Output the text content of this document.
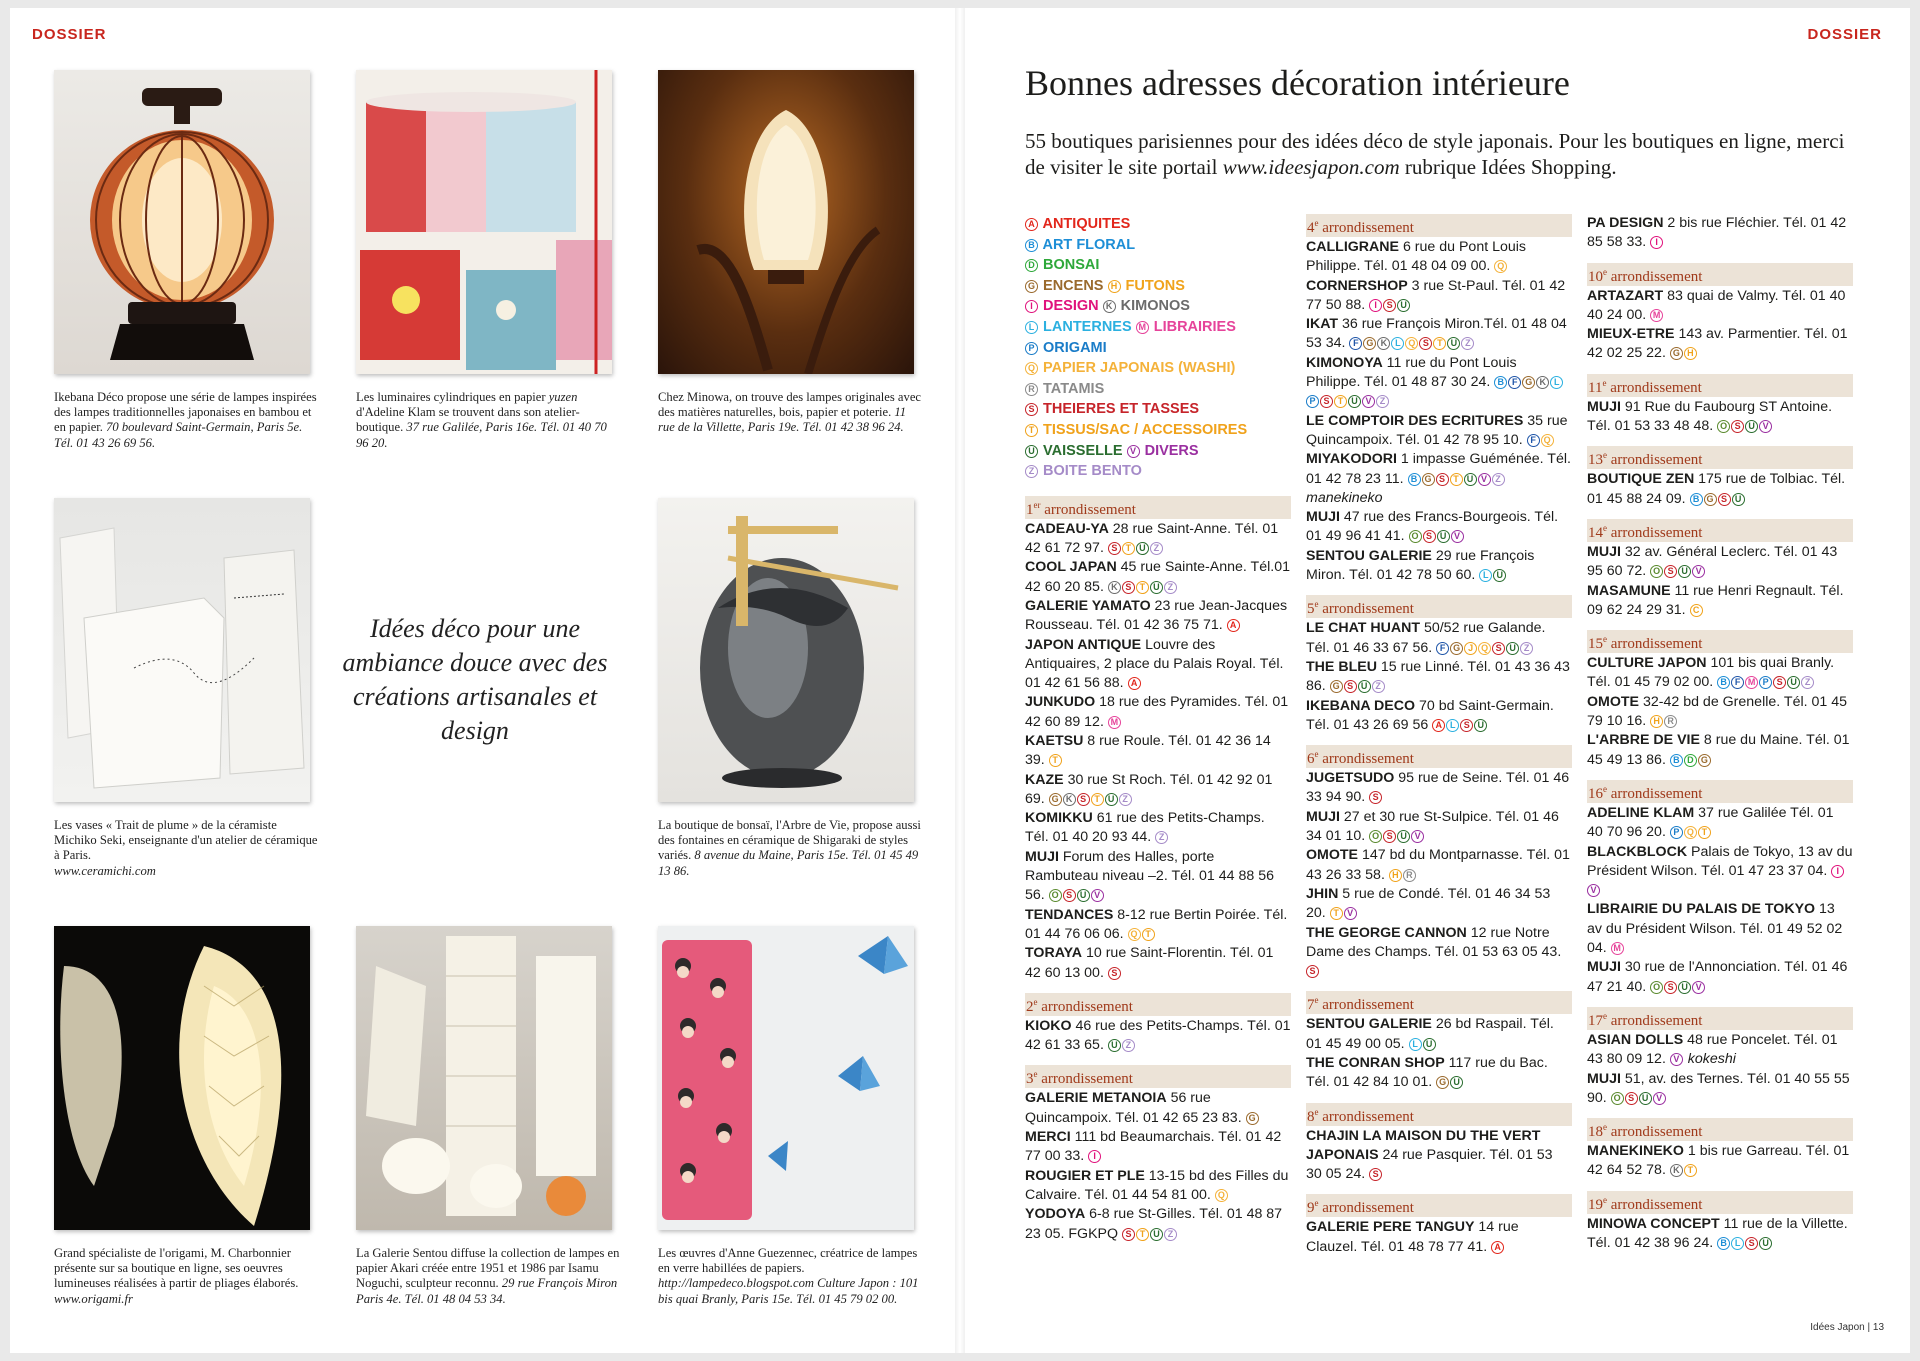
DOSSIER	DOSSIER
Ikebana Déco propose une série de lampes inspirées des lampes traditionnelles japonaises en bambou et en papier. 70 boulevard Saint-Germain, Paris 5e. Tél. 01 43 26 69 56.
Les luminaires cylindriques en papier yuzen d'Adeline Klam se trouvent dans son atelier-boutique. 37 rue Galilée, Paris 16e. Tél. 01 40 70 96 20.
Chez Minowa, on trouve des lampes originales avec des matières naturelles, bois, papier et poterie. 11 rue de la Villette, Paris 19e. Tél. 01 42 38 96 24.
Idées déco pour une ambiance douce avec des créations artisanales et design
Les vases « Trait de plume » de la céramiste Michiko Seki, enseignante d'un atelier de céramique à Paris.
www.ceramichi.com
La boutique de bonsaï, l'Arbre de Vie, propose aussi des fontaines en céramique de Shigaraki de styles variés. 8 avenue du Maine, Paris 15e. Tél. 01 45 49 13 86.
Grand spécialiste de l'origami, M. Charbonnier présente sur sa boutique en ligne, ses oeuvres lumineuses réalisées à partir de pliages élaborés.
www.origami.fr
La Galerie Sentou diffuse la collection de lampes en papier Akari créée entre 1951 et 1986 par Isamu Noguchi, sculpteur reconnu. 29 rue François Miron Paris 4e. Tél. 01 48 04 53 34.
Les œuvres d'Anne Guezennec, créatrice de lampes en verre habillées de papiers. http://lampedeco.blogspot.com Culture Japon : 101 bis quai Branly, Paris 15e. Tél. 01 45 79 02 00.
Bonnes adresses décoration intérieure
55 boutiques parisiennes pour des idées déco de style japonais. Pour les boutiques en ligne, merci de visiter le site portail www.ideesjapon.com rubrique Idées Shopping.
A ANTIQUITES
B ART FLORAL
D BONSAI
G ENCENS H FUTONS
I DESIGN K KIMONOS
L LANTERNES M LIBRAIRIES
P ORIGAMI
Q PAPIER JAPONAIS (WASHI)
R TATAMIS
S THEIERES ET TASSES
T TISSUS/SAC / ACCESSOIRES
U VAISSELLE V DIVERS
Z BOITE BENTO
1er arrondissement
CADEAU-YA 28 rue Saint-Anne. Tél. 01 42 61 72 97. S T U Z
COOL JAPAN 45 rue Sainte-Anne. Tél.01 42 60 20 85. K S T U Z
GALERIE YAMATO 23 rue Jean-Jacques Rousseau. Tél. 01 42 36 75 71. A
JAPON ANTIQUE Louvre des Antiquaires, 2 place du Palais Royal. Tél. 01 42 61 56 88. A
JUNKUDO 18 rue des Pyramides. Tél. 01 42 60 89 12. M
KAETSU 8 rue Roule. Tél. 01 42 36 14 39. T
KAZE 30 rue St Roch. Tél. 01 42 92 01 69. G K S T U Z
KOMIKKU 61 rue des Petits-Champs. Tél. 01 40 20 93 44. Z
MUJI Forum des Halles, porte Rambuteau niveau –2. Tél. 01 44 88 56 56. O S U V
TENDANCES 8-12 rue Bertin Poirée. Tél. 01 44 76 06 06. Q T
TORAYA 10 rue Saint-Florentin. Tél. 01 42 60 13 00. S
2e arrondissement
KIOKO 46 rue des Petits-Champs. Tél. 01 42 61 33 65. U Z
3e arrondissement
GALERIE METANOIA 56 rue Quincampoix. Tél. 01 42 65 23 83. G
MERCI 111 bd Beaumarchais. Tél. 01 42 77 00 33. I
ROUGIER ET PLE 13-15 bd des Filles du Calvaire. Tél. 01 44 54 81 00. Q
YODOYA 6-8 rue St-Gilles. Tél. 01 48 87 23 05. FGKPQ S T U Z
4e arrondissement
CALLIGRANE 6 rue du Pont Louis Philippe. Tél. 01 48 04 09 00. Q
CORNERSHOP 3 rue St-Paul. Tél. 01 42 77 50 88. I S U
IKAT 36 rue François Miron.Tél. 01 48 04 53 34. F G K L Q S T U Z
KIMONOYA 11 rue du Pont Louis Philippe. Tél. 01 48 87 30 24. B F G K LP S T U V Z
LE COMPTOIR DES ECRITURES 35 rue Quincampoix. Tél. 01 42 78 95 10. F Q
MIYAKODORI 1 impasse Guéménée. Tél. 01 42 78 23 11. B G S T U V Z manekineko
MUJI 47 rue des Francs-Bourgeois. Tél. 01 49 96 41 41. O S U V
SENTOU GALERIE 29 rue François Miron. Tél. 01 42 78 50 60. L U
5e arrondissement
LE CHAT HUANT 50/52 rue Galande. Tél. 01 46 33 67 56. F G J Q S U Z
THE BLEU 15 rue Linné. Tél. 01 43 36 43 86. G S U Z
IKEBANA DECO 70 bd Saint-Germain. Tél. 01 43 26 69 56 A L S U
6e arrondissement
JUGETSUDO 95 rue de Seine. Tél. 01 46 33 94 90. S
MUJI 27 et 30 rue St-Sulpice. Tél. 01 46 34 01 10. O S U V
OMOTE 147 bd du Montparnasse. Tél. 01 43 26 33 58. H R
JHIN 5 rue de Condé. Tél. 01 46 34 53 20. T V
THE GEORGE CANNON 12 rue Notre Dame des Champs. Tél. 01 53 63 05 43. S
7e arrondissement
SENTOU GALERIE 26 bd Raspail. Tél. 01 45 49 00 05. L U
THE CONRAN SHOP 117 rue du Bac. Tél. 01 42 84 10 01. G U
8e arrondissement
CHAJIN LA MAISON DU THE VERT JAPONAIS 24 rue Pasquier. Tél. 01 53 30 05 24. S
9e arrondissement
GALERIE PERE TANGUY 14 rue Clauzel. Tél. 01 48 78 77 41. A
PA DESIGN 2 bis rue Fléchier. Tél. 01 42 85 58 33. I
10e arrondissement
ARTAZART 83 quai de Valmy. Tél. 01 40 40 24 00. M
MIEUX-ETRE 143 av. Parmentier. Tél. 01 42 02 25 22. G H
11e arrondissement
MUJI 91 Rue du Faubourg ST Antoine. Tél. 01 53 33 48 48. O S U V
13e arrondissement
BOUTIQUE ZEN 175 rue de Tolbiac. Tél. 01 45 88 24 09. B G S U
14e arrondissement
MUJI 32 av. Général Leclerc. Tél. 01 43 95 60 72. O S U V
MASAMUNE 11 rue Henri Regnault. Tél. 09 62 24 29 31. C
15e arrondissement
CULTURE JAPON 101 bis quai Branly. Tél. 01 45 79 02 00. B F M P S U Z
OMOTE 32-42 bd de Grenelle. Tél. 01 45 79 10 16. H R
L'ARBRE DE VIE 8 rue du Maine. Tél. 01 45 49 13 86. B D G
16e arrondissement
ADELINE KLAM 37 rue Galilée Tél. 01 40 70 96 20. P Q T
BLACKBLOCK Palais de Tokyo, 13 av du Président Wilson. Tél. 01 47 23 37 04. IV
LIBRAIRIE DU PALAIS DE TOKYO 13 av du Président Wilson. Tél. 01 49 52 02 04. M
MUJI 30 rue de l'Annonciation. Tél. 01 46 47 21 40. O S U V
17e arrondissement
ASIAN DOLLS 48 rue Poncelet. Tél. 01 43 80 09 12. V kokeshi
MUJI 51, av. des Ternes. Tél. 01 40 55 55 90. O S U V
18e arrondissement
MANEKINEKO 1 bis rue Garreau. Tél. 01 42 64 52 78. K T
19e arrondissement
MINOWA CONCEPT 11 rue de la Villette. Tél. 01 42 38 96 24. B L S U
Idées Japon | 13
